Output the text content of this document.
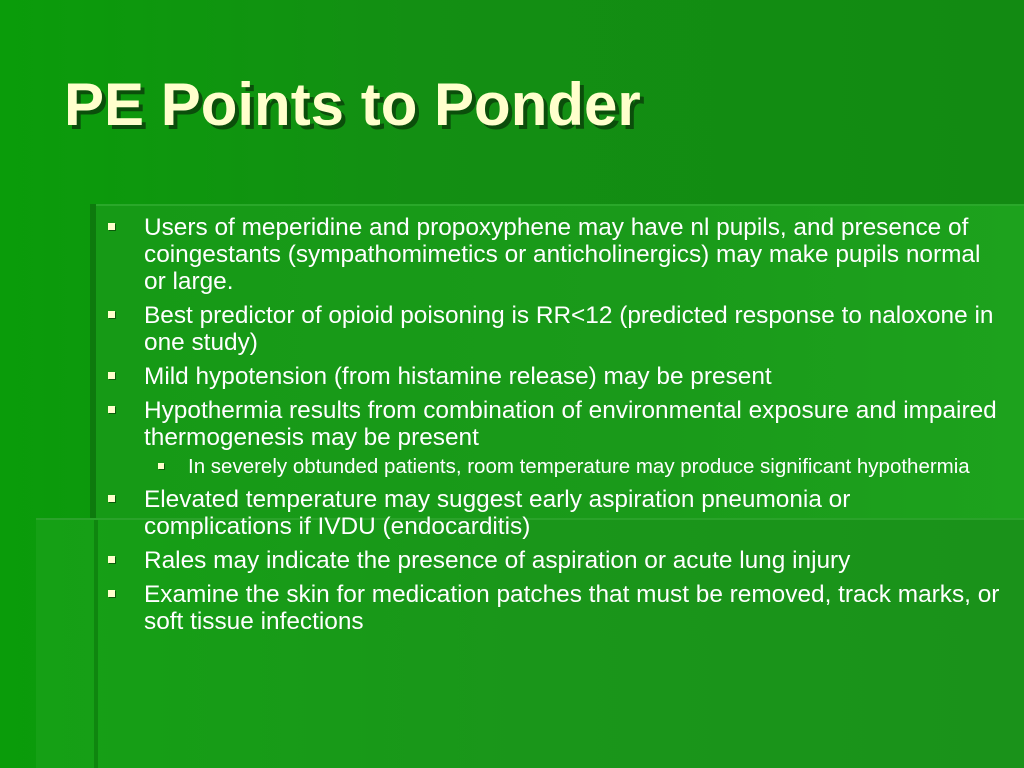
PE Points to Ponder
Users of meperidine and propoxyphene may have nl pupils, and presence of coingestants (sympathomimetics or anticholinergics) may make pupils normal or large.
Best predictor of opioid poisoning is RR<12 (predicted response to naloxone in one study)
Mild hypotension (from histamine release) may be present
Hypothermia results from combination of environmental exposure and impaired thermogenesis may be present
In severely obtunded patients, room temperature may produce significant hypothermia
Elevated temperature may suggest early aspiration pneumonia or complications if IVDU (endocarditis)
Rales may indicate the presence of aspiration or acute lung injury
Examine the skin for medication patches that must be removed, track marks, or soft tissue infections
